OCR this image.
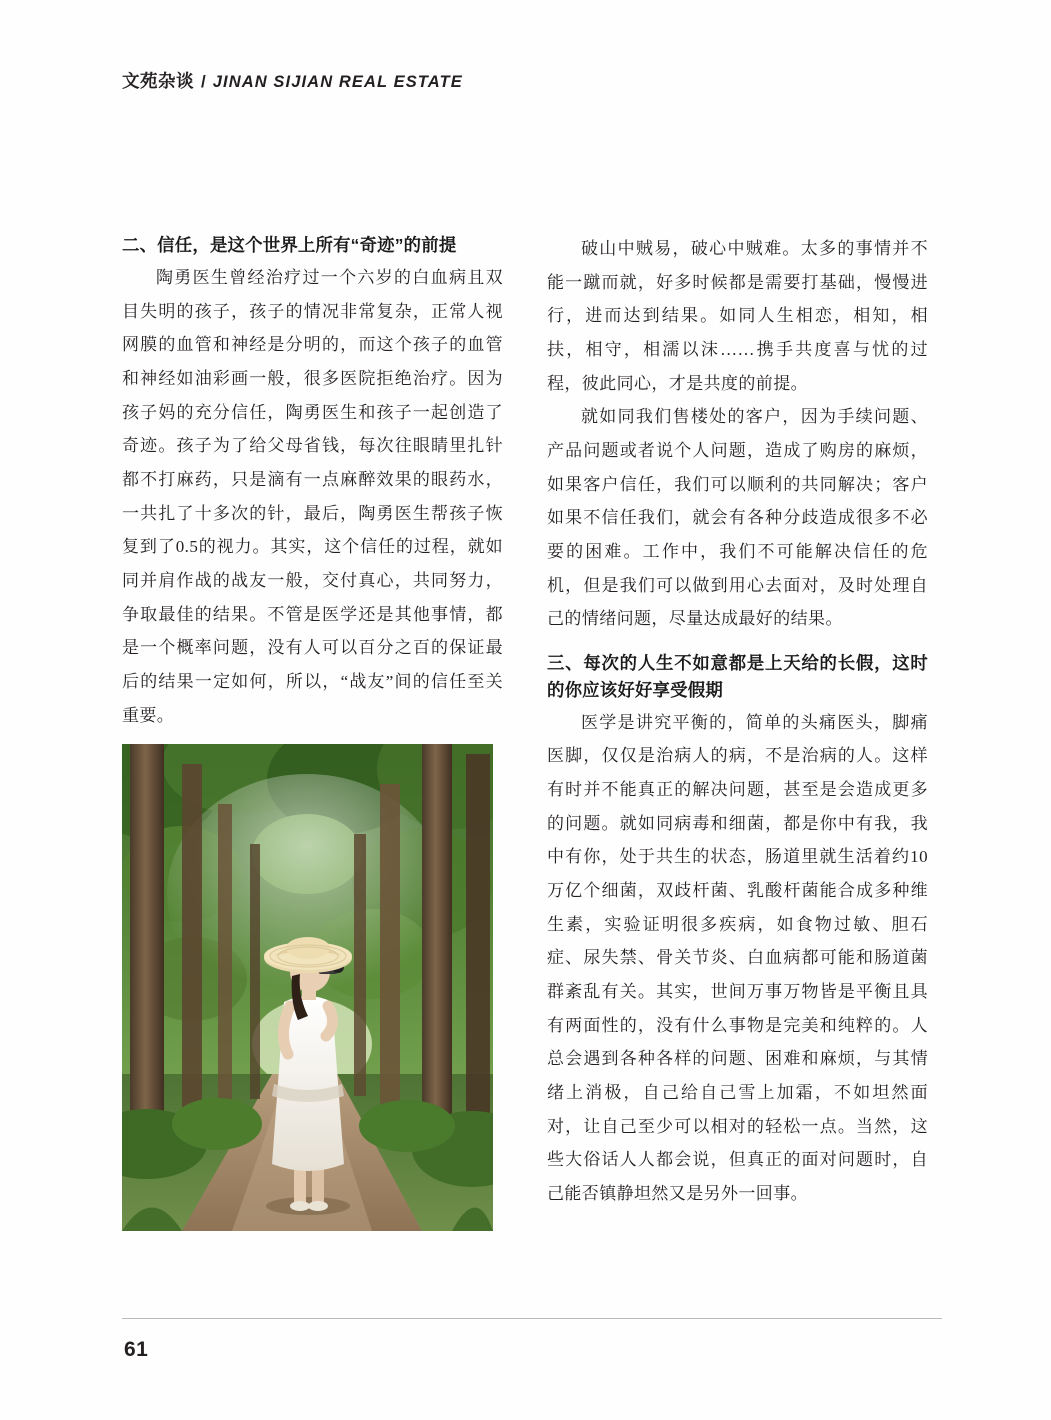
文苑杂谈 / JINAN SIJIAN REAL ESTATE
二、信任，是这个世界上所有“奇迹”的前提

陶勇医生曾经治疗过一个六岁的白血病且双目失明的孩子，孩子的情况非常复杂，正常人视网膜的血管和神经是分明的，而这个孩子的血管和神经如油彩画一般，很多医院拒绝治疗。因为孩子妈的充分信任，陶勇医生和孩子一起创造了奇迹。孩子为了给父母省钱，每次往眼睛里扎针都不打麻药，只是滴有一点麻醉效果的眼药水，一共扎了十多次的针，最后，陶勇医生帮孩子恢复到了0.5的视力。其实，这个信任的过程，就如同并肩作战的战友一般，交付真心，共同努力，争取最佳的结果。不管是医学还是其他事情，都是一个概率问题，没有人可以百分之百的保证最后的结果一定如何，所以，“战友”间的信任至关重要。

破山中贼易，破心中贼难。太多的事情并不能一蹴而就，好多时候都是需要打基础，慢慢进行，进而达到结果。如同人生相恋，相知，相扶，相守，相濡以沫……携手共度喜与忧的过程，彼此同心，才是共度的前提。

就如同我们售楼处的客户，因为手续问题、产品问题或者说个人问题，造成了购房的麻烦，如果客户信任，我们可以顺利的共同解决；客户如果不信任我们，就会有各种分歧造成很多不必要的困难。工作中，我们不可能解决信任的危机，但是我们可以做到用心去面对，及时处理自己的情绪问题，尽量达成最好的结果。

三、每次的人生不如意都是上天给的长假，这时的你应该好好享受假期

医学是讲究平衡的，简单的头痛医头，脚痛医脚，仅仅是治病人的病，不是治病的人。这样有时并不能真正的解决问题，甚至是会造成更多的问题。就如同病毒和细菌，都是你中有我，我中有你，处于共生的状态，肠道里就生活着约10万亿个细菌，双歧杆菌、乳酸杆菌能合成多种维生素，实验证明很多疾病，如食物过敏、胆石症、尿失禁、骨关节炎、白血病都可能和肠道菌群紊乱有关。其实，世间万事万物皆是平衡且具有两面性的，没有什么事物是完美和纯粹的。人总会遇到各种各样的问题、困难和麻烦，与其情绪上消极，自己给自己雪上加霜，不如坦然面对，让自己至少可以相对的轻松一点。当然，这些大俗话人人都会说，但真正的面对问题时，自己能否镇静坦然又是另外一回事。

61
